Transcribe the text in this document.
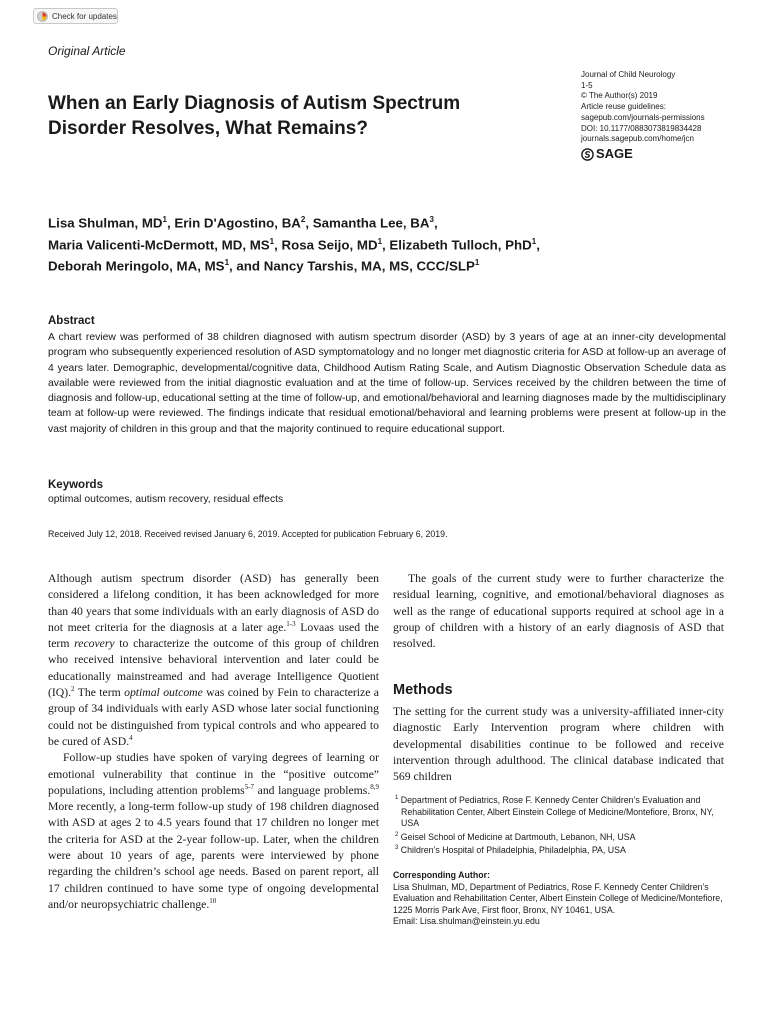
Check for updates
Original Article
Journal of Child Neurology
1-5
© The Author(s) 2019
Article reuse guidelines:
sagepub.com/journals-permissions
DOI: 10.1177/0883073819834428
journals.sagepub.com/home/jcn
SAGE
When an Early Diagnosis of Autism Spectrum Disorder Resolves, What Remains?

Lisa Shulman, $MD^1$, Erin D'Agostino, $BA^2$, Samantha Lee, $BA^3$,
Maria Valicenti-McDermott, MD, $MS^1$, Rosa Seijo, $MD^1$, Elizabeth Tulloch, PhD$^1$,
Deborah Meringolo, MA, $MS^1$, and Nancy Tarshis, MA, MS, CCC/SLP$^1$

Abstract

A chart review was performed of 38 children diagnosed with autism spectrum disorder (ASD) by 3 years of age at an inner-city developmental program who subsequently experienced resolution of ASD symptomatology and no longer met diagnostic criteria for ASD at follow-up an average of 4 years later. Demographic, developmental/cognitive data, Childhood Autism Rating Scale, and Autism Diagnostic Observation Schedule data as available were reviewed from the initial diagnostic evaluation and at the time of follow-up. Services received by the children between the time of diagnosis and follow-up, educational setting at the time of follow-up, and emotional/behavioral and learning diagnoses made by the multidisciplinary team at follow-up were reviewed. The findings indicate that residual emotional/behavioral and learning problems were present at follow-up in the vast majority of children in this group and that the majority continued to require educational support.

Keywords
optimal outcomes, autism recovery, residual effects
Received July 12, 2018. Received revised January 6, 2019. Accepted for publication February 6, 2019.

Although autism spectrum disorder (ASD) has generally been considered a lifelong condition, it has been acknowledged for more than 40 years that some individuals with an early diagnosis of ASD do not meet criteria for the diagnosis at a later age.$^{1-3}$ Lovaas used the term recovery to characterize the outcome of this group of children who received intensive behavioral intervention and later could be educationally mainstreamed and had average Intelligence Quotient (IQ).$^2$ The term optimal outcome was coined by Fein to characterize a group of 34 individuals with early ASD whose later social functioning could not be distinguished from typical controls and who appeared to be cured of ASD.$^4$

Follow-up studies have spoken of varying degrees of learning or emotional vulnerability that continue in the “positive outcome” populations, including attention problems$^{5-7}$ and language problems.$^{8,9}$ More recently, a long-term follow-up study of 198 children diagnosed with ASD at ages 2 to 4.5 years found that 17 children no longer met the criteria for ASD at the 2-year follow-up. Later, when the children were about 10 years of age, parents were interviewed by phone regarding the children’s school age needs. Based on parent report, all 17 children continued to have some type of ongoing developmental and/or neuropsychiatric challenge.$^{10}$

The goals of the current study were to further characterize the residual learning, cognitive, and emotional/behavioral diagnoses as well as the range of educational supports required at school age in a group of children with a history of an early diagnosis of ASD that resolved.

Methods

The setting for the current study was a university-affiliated inner-city diagnostic Early Intervention program where children with developmental disabilities continue to be followed and receive intervention through adulthood. The clinical database indicated that 569 children

$^1$ Department of Pediatrics, Rose F. Kennedy Center Children’s Evaluation and Rehabilitation Center, Albert Einstein College of Medicine/Montefiore, Bronx, NY, USA
$^2$ Geisel School of Medicine at Dartmouth, Lebanon, NH, USA
$^3$ Children’s Hospital of Philadelphia, Philadelphia, PA, USA
Corresponding Author:
Lisa Shulman, MD, Department of Pediatrics, Rose F. Kennedy Center Children’s Evaluation and Rehabilitation Center, Albert Einstein College of Medicine/Montefiore, 1225 Morris Park Ave, First floor, Bronx, NY 10461, USA.
Email: Lisa.shulman@einstein.yu.edu
